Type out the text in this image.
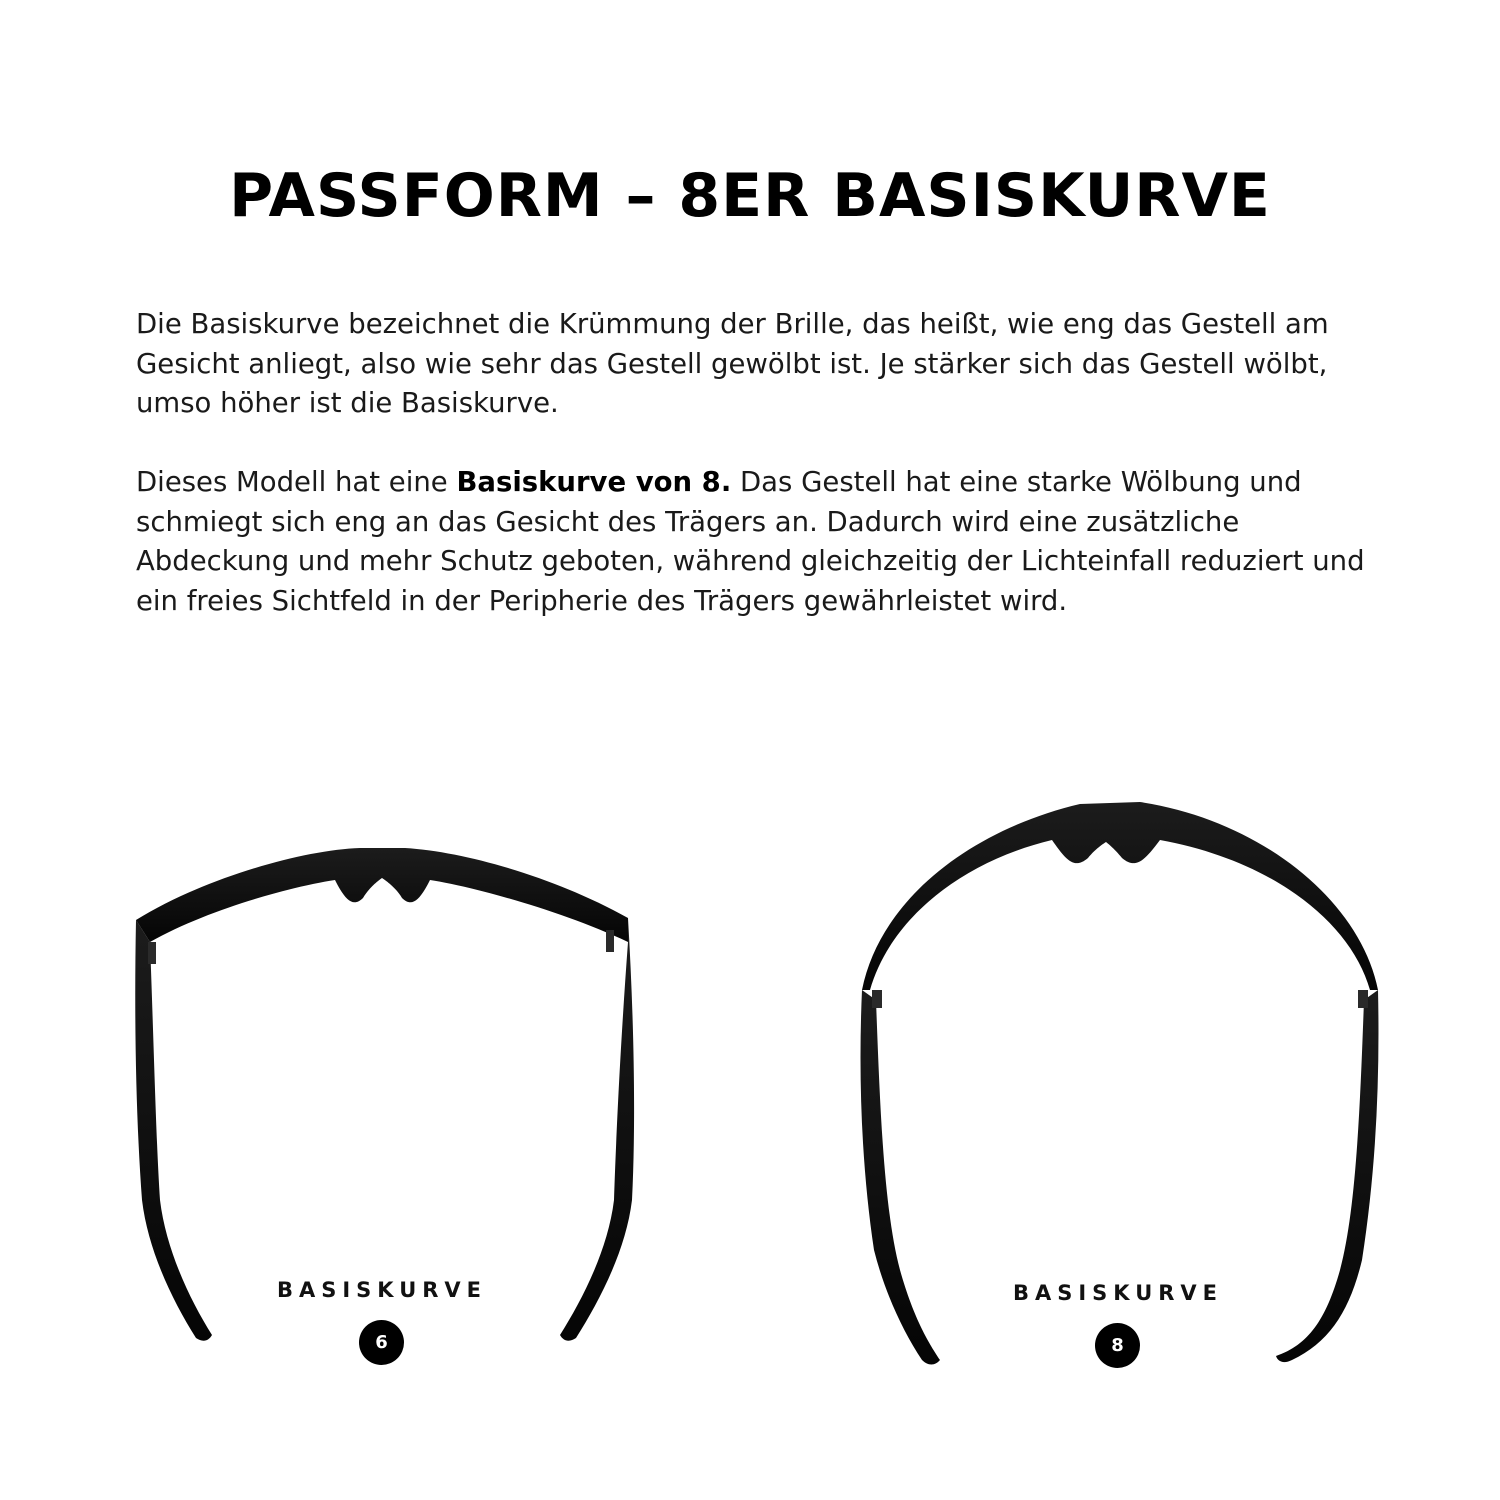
PASSFORM – 8ER BASISKURVE

Die Basiskurve bezeichnet die Krümmung der Brille, das heißt, wie eng das Gestell am Gesicht anliegt, also wie sehr das Gestell gewölbt ist. Je stärker sich das Gestell wölbt, umso höher ist die Basiskurve.

Dieses Modell hat eine Basiskurve von 8. Das Gestell hat eine starke Wölbung und schmiegt sich eng an das Gesicht des Trägers an. Dadurch wird eine zusätzliche Abdeckung und mehr Schutz geboten, während gleichzeitig der Lichteinfall reduziert und ein freies Sichtfeld in der Peripherie des Trägers gewährleistet wird.

BASISKURVE
6
BASISKURVE
8
